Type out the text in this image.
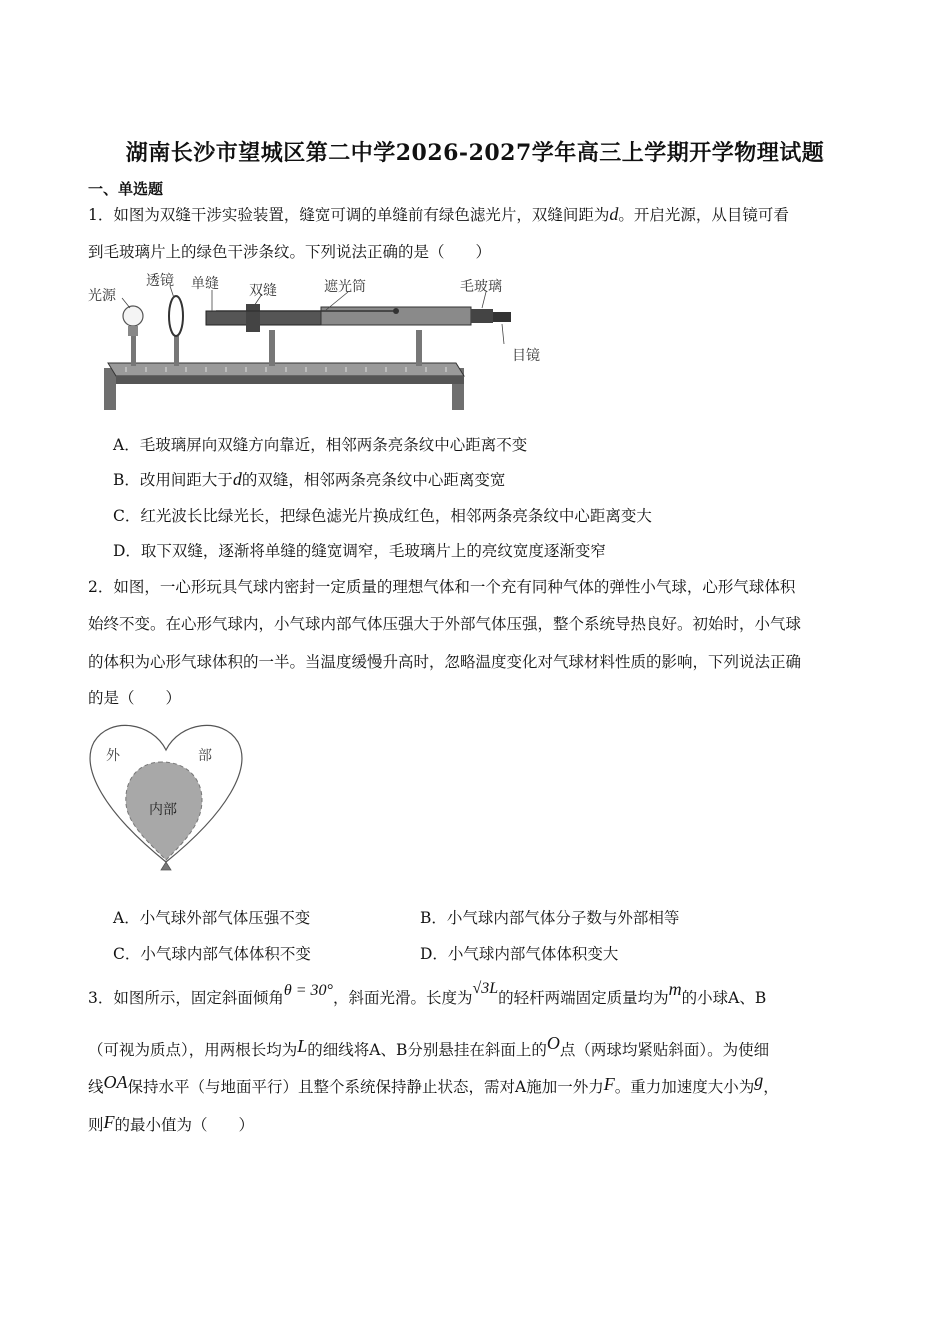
湖南长沙市望城区第二中学2026-2027学年高三上学期开学物理试题
一、单选题
1．如图为双缝干涉实验装置，缝宽可调的单缝前有绿色滤光片，双缝间距为d。开启光源，从目镜可看
到毛玻璃片上的绿色干涉条纹。下列说法正确的是（　　）
光源
透镜 单缝 双缝	遮光筒	毛玻璃
目镜
A．毛玻璃屏向双缝方向靠近，相邻两条亮条纹中心距离不变
B．改用间距大于d的双缝，相邻两条亮条纹中心距离变宽
C．红光波长比绿光长，把绿色滤光片换成红色，相邻两条亮条纹中心距离变大
D．取下双缝，逐渐将单缝的缝宽调窄，毛玻璃片上的亮纹宽度逐渐变窄
2．如图，一心形玩具气球内密封一定质量的理想气体和一个充有同种气体的弹性小气球，心形气球体积
始终不变。在心形气球内，小气球内部气体压强大于外部气体压强，整个系统导热良好。初始时，小气球
的体积为心形气球体积的一半。当温度缓慢升高时，忽略温度变化对气球材料性质的影响，下列说法正确
的是（　　）
外	部
内部
A．小气球外部气体压强不变	B．小气球内部气体分子数与外部相等
C．小气球内部气体体积不变	D．小气球内部气体体积变大
3．如图所示，固定斜面倾角θ = 30°，斜面光滑。长度为√3L的轻杆两端固定质量均为m的小球A、B
（可视为质点），用两根长均为L的细线将A、B分别悬挂在斜面上的O点（两球均紧贴斜面）。为使细
线OA保持水平（与地面平行）且整个系统保持静止状态，需对A施加一外力F。重力加速度大小为g，
则F的最小值为（　　）
